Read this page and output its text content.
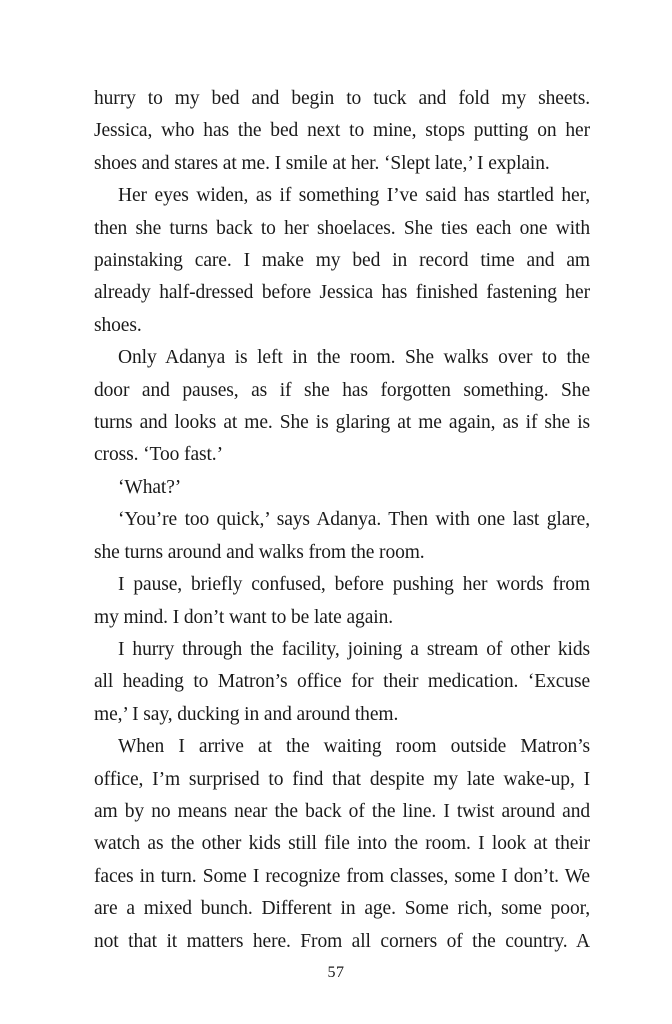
hurry to my bed and begin to tuck and fold my sheets.
Jessica, who has the bed next to mine, stops putting on her
shoes and stares at me. I smile at her. ‘Slept late,’ I explain.
Her eyes widen, as if something I’ve said has startled her,
then she turns back to her shoelaces. She ties each one with
painstaking care. I make my bed in record time and am
already half-dressed before Jessica has finished fastening her
shoes.
Only Adanya is left in the room. She walks over to the
door and pauses, as if she has forgotten something. She
turns and looks at me. She is glaring at me again, as if she is
cross. ‘Too fast.’
‘What?’
‘You’re too quick,’ says Adanya. Then with one last glare,
she turns around and walks from the room.
I pause, briefly confused, before pushing her words from
my mind. I don’t want to be late again.
I hurry through the facility, joining a stream of other kids
all heading to Matron’s office for their medication. ‘Excuse
me,’ I say, ducking in and around them.
When I arrive at the waiting room outside Matron’s
office, I’m surprised to find that despite my late wake-up, I
am by no means near the back of the line. I twist around and
watch as the other kids still file into the room. I look at their
faces in turn. Some I recognize from classes, some I don’t. We
are a mixed bunch. Different in age. Some rich, some poor,
not that it matters here. From all corners of the country. A
57
